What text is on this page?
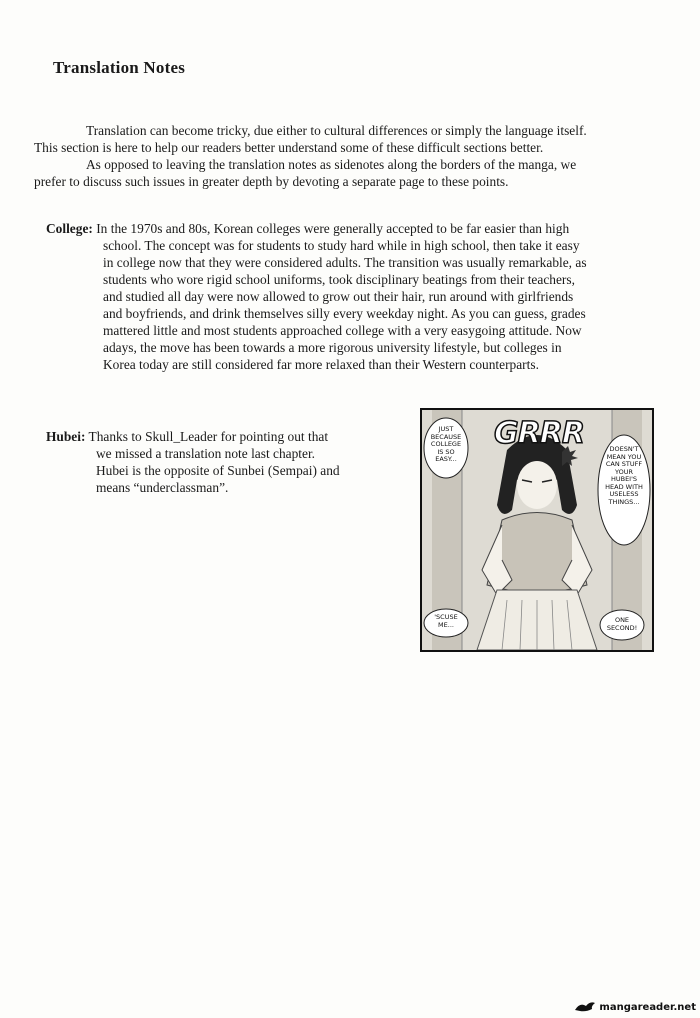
Translation Notes

Translation can become tricky, due either to cultural differences or simply the language itself.
This section is here to help our readers better understand some of these difficult sections better.

As opposed to leaving the translation notes as sidenotes along the borders of the manga, we
prefer to discuss such issues in greater depth by devoting a separate page to these points.

College: In the 1970s and 80s, Korean colleges were generally accepted to be far easier than high
school. The concept was for students to study hard while in high school, then take it easy
in college now that they were considered adults. The transition was usually remarkable, as
students who wore rigid school uniforms, took disciplinary beatings from their teachers,
and studied all day were now allowed to grow out their hair, run around with girlfriends
and boyfriends, and drink themselves silly every weekday night. As you can guess, grades
mattered little and most students approached college with a very easygoing attitude. Now
adays, the move has been towards a more rigorous university lifestyle, but colleges in
Korea today are still considered far more relaxed than their Western counterparts.
Hubei: Thanks to Skull_Leader for pointing out that
we missed a translation note last chapter.
Hubei is the opposite of Sunbei (Sempai) and
means “underclassman”.
GRRR
JUST BECAUSE COLLEGE IS SO EASY...
DOESN'T MEAN YOU CAN STUFF YOUR HUBEI'S HEAD WITH USELESS THINGS...
'SCUSE ME...
ONE SECOND!
mangareader.net
